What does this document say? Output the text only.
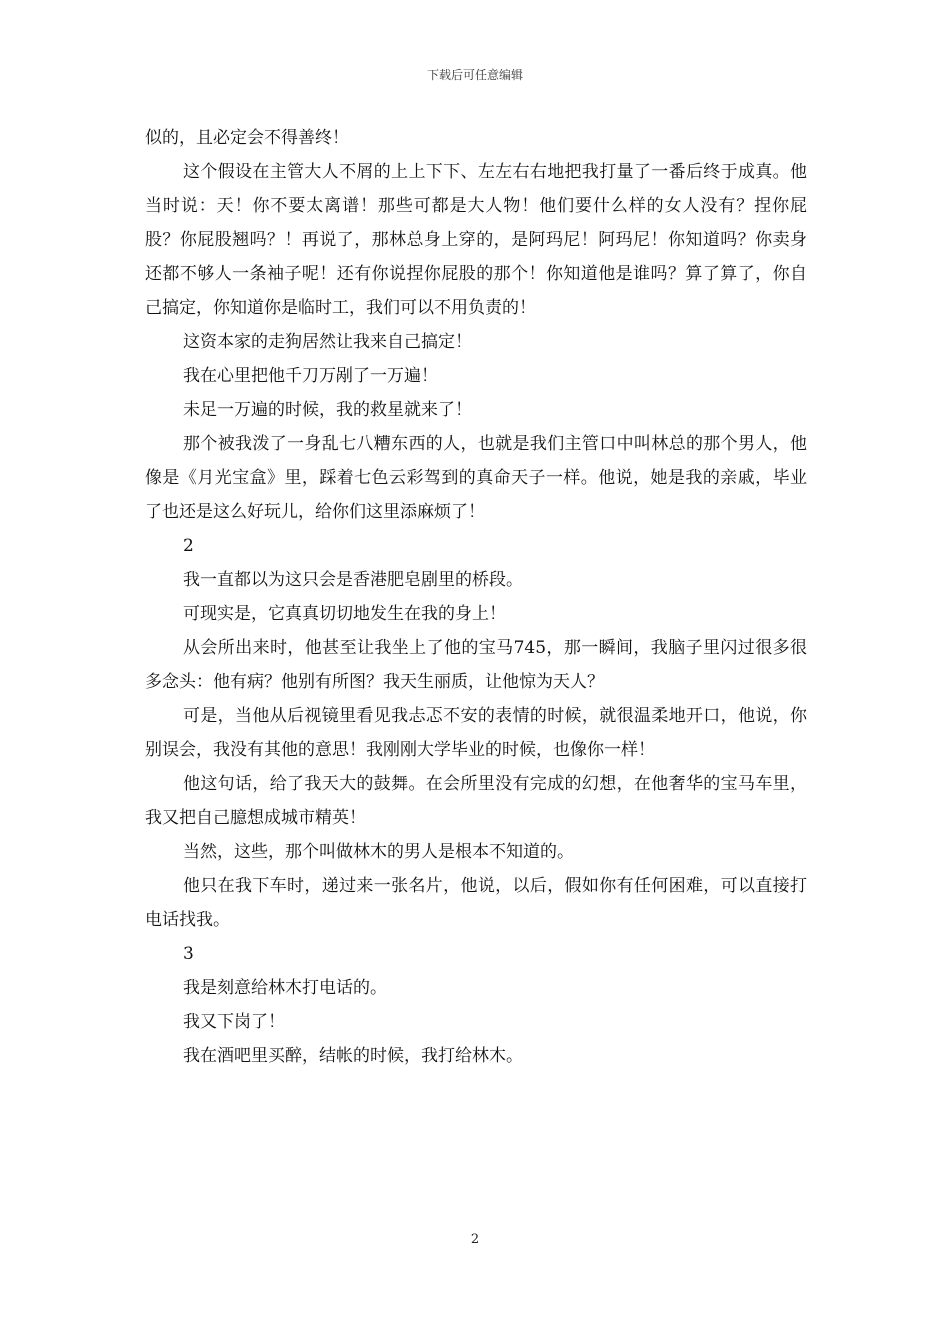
下载后可任意编辑

似的，且必定会不得善终！

这个假设在主管大人不屑的上上下下、左左右右地把我打量了一番后终于成真。他当时说：天！你不要太离谱！那些可都是大人物！他们要什么样的女人没有？捏你屁股？你屁股翘吗？！再说了，那林总身上穿的，是阿玛尼！阿玛尼！你知道吗？你卖身还都不够人一条袖子呢！还有你说捏你屁股的那个！你知道他是谁吗？算了算了，你自己搞定，你知道你是临时工，我们可以不用负责的！

这资本家的走狗居然让我来自己搞定！

我在心里把他千刀万剐了一万遍！

未足一万遍的时候，我的救星就来了！

那个被我泼了一身乱七八糟东西的人，也就是我们主管口中叫林总的那个男人，他像是《月光宝盒》里，踩着七色云彩驾到的真命天子一样。他说，她是我的亲戚，毕业了也还是这么好玩儿，给你们这里添麻烦了！

2

我一直都以为这只会是香港肥皂剧里的桥段。

可现实是，它真真切切地发生在我的身上！

从会所出来时，他甚至让我坐上了他的宝马745，那一瞬间，我脑子里闪过很多很多念头：他有病？他别有所图？我天生丽质，让他惊为天人？

可是，当他从后视镜里看见我忐忑不安的表情的时候，就很温柔地开口，他说，你别误会，我没有其他的意思！我刚刚大学毕业的时候，也像你一样！

他这句话，给了我天大的鼓舞。在会所里没有完成的幻想，在他奢华的宝马车里，我又把自己臆想成城市精英！

当然，这些，那个叫做林木的男人是根本不知道的。

他只在我下车时，递过来一张名片，他说，以后，假如你有任何困难，可以直接打电话找我。

3

我是刻意给林木打电话的。

我又下岗了！

我在酒吧里买醉，结帐的时候，我打给林木。

2
